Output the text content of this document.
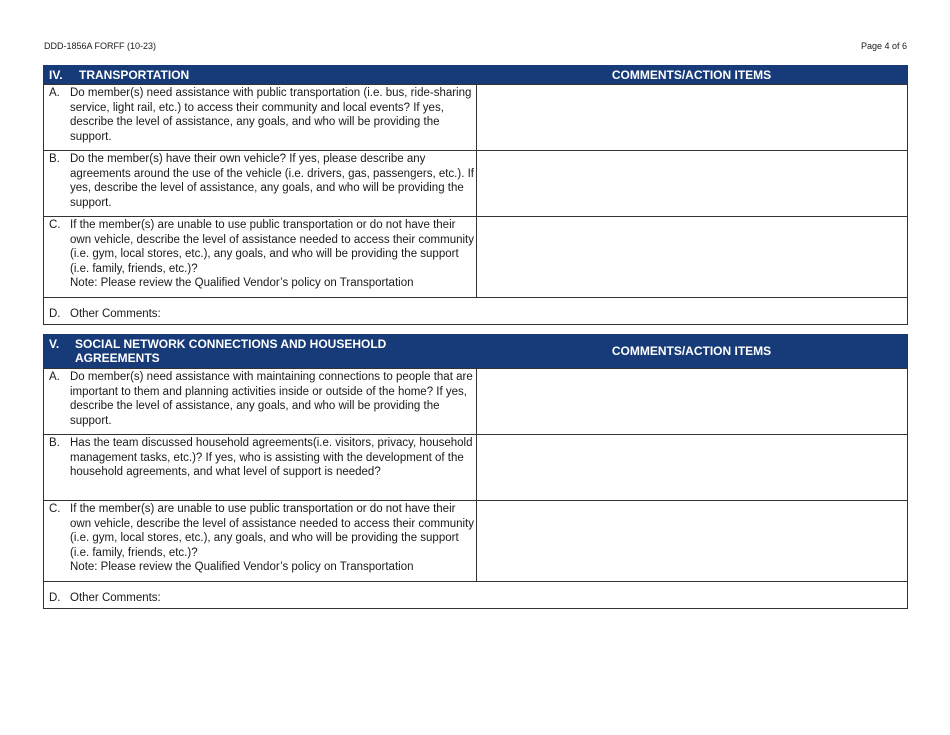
DDD-1856A FORFF (10-23)	Page 4 of 6
IV.	TRANSPORTATION	COMMENTS/ACTION ITEMS
A. Do member(s) need assistance with public transportation (i.e. bus, ride-sharing service, light rail, etc.) to access their community and local events? If yes, describe the level of assistance, any goals, and who will be providing the support.
B. Do the member(s) have their own vehicle? If yes, please describe any agreements around the use of the vehicle (i.e. drivers, gas, passengers, etc.). If yes, describe the level of assistance, any goals, and who will be providing the support.
C. If the member(s) are unable to use public transportation or do not have their own vehicle, describe the level of assistance needed to access their community (i.e. gym, local stores, etc.), any goals, and who will be providing the support (i.e. family, friends, etc.)?
Note: Please review the Qualified Vendor’s policy on Transportation
D. Other Comments:
V.	SOCIAL NETWORK CONNECTIONS AND HOUSEHOLD AGREEMENTS	COMMENTS/ACTION ITEMS
A. Do member(s) need assistance with maintaining connections to people that are important to them and planning activities inside or outside of the home? If yes, describe the level of assistance, any goals, and who will be providing the support.
B. Has the team discussed household agreements(i.e. visitors, privacy, household management tasks, etc.)? If yes, who is assisting with the development of the household agreements, and what level of support is needed?
C. If the member(s) are unable to use public transportation or do not have their own vehicle, describe the level of assistance needed to access their community (i.e. gym, local stores, etc.), any goals, and who will be providing the support (i.e. family, friends, etc.)?
Note: Please review the Qualified Vendor’s policy on Transportation
D. Other Comments:
